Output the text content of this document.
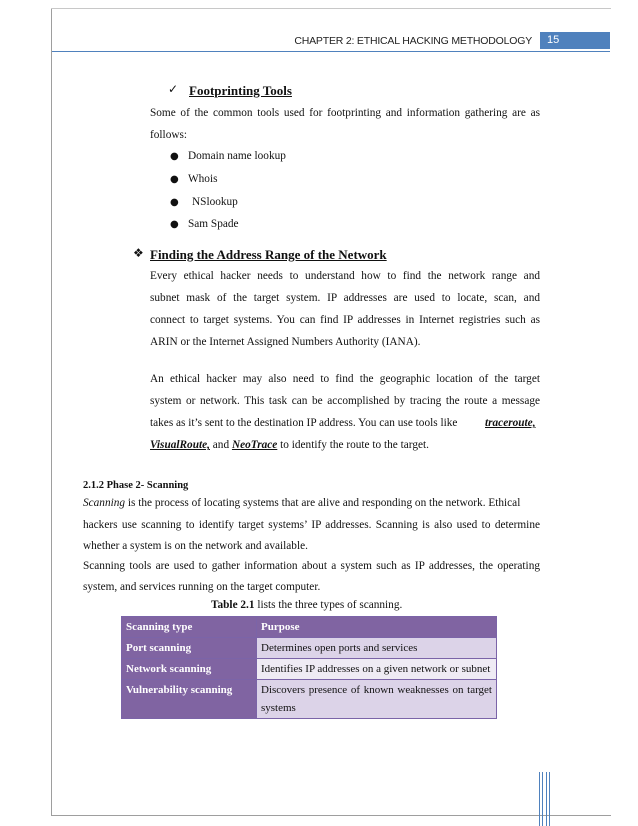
CHAPTER 2: ETHICAL HACKING METHODOLOGY 15
✓ Footprinting Tools
Some of the common tools used for footprinting and information gathering are as
follows:
● Domain name lookup
● Whois
● NSlookup
● Sam Spade
❖ Finding the Address Range of the Network
Every ethical hacker needs to understand how to find the network range and
subnet mask of the target system. IP addresses are used to locate, scan, and
connect to target systems. You can find IP addresses in Internet registries such as
ARIN or the Internet Assigned Numbers Authority (IANA).
An ethical hacker may also need to find the geographic location of the target
system or network. This task can be accomplished by tracing the route a message
takes as it’s sent to the destination IP address. You can use tools like traceroute,
VisualRoute, and NeoTrace to identify the route to the target.
2.1.2 Phase 2- Scanning
Scanning is the process of locating systems that are alive and responding on the network. Ethical
hackers use scanning to identify target systems’ IP addresses. Scanning is also used to determine
whether a system is on the network and available.
Scanning tools are used to gather information about a system such as IP addresses, the operating
system, and services running on the target computer.
Table 2.1 lists the three types of scanning.
Scanning type	Purpose
Port scanning	Determines open ports and services
Network scanning	Identifies IP addresses on a given network or subnet
Vulnerability scanning	Discovers presence of known weaknesses on target systems
